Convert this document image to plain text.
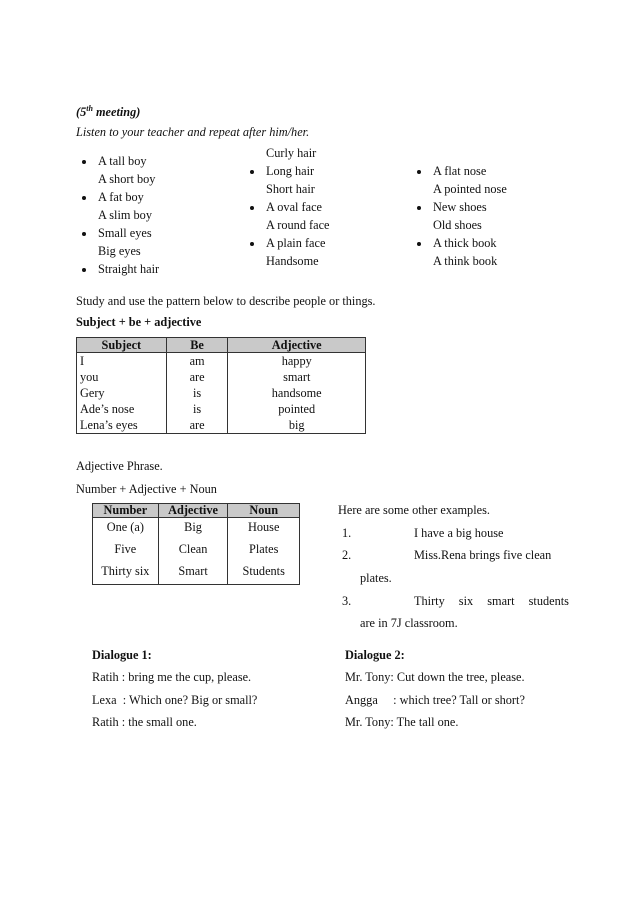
(5th meeting)
Listen to your teacher and repeat after him/her.
A tall boy
A short boy
A fat boy
A slim boy
Small eyes
Big eyes
Straight hair
Curly hair
Long hair
Short hair
A oval face
A round face
A plain face
Handsome
A flat nose
A pointed nose
New shoes
Old shoes
A thick book
A think book
Study and use the pattern below to describe people or things.
Subject + be + adjective
Subject	Be	Adjective
I	am	happy
you	are	smart
Gery	is	handsome
Ade’s nose	is	pointed
Lena’s eyes	are	big
Adjective Phrase.
Number + Adjective + Noun
Number	Adjective	Noun
One (a)	Big	House
Five	Clean	Plates
Thirty six	Smart	Students
Here are some other examples.
1.	I have a big house
2.	Miss.Rena brings five clean
plates.
3.	Thirty six smart students
are in 7J classroom.
Dialogue 1:
Ratih : bring me the cup, please.
Lexa  : Which one? Big or small?
Ratih : the small one.
Dialogue 2:
Mr. Tony: Cut down the tree, please.
Angga     : which tree? Tall or short?
Mr. Tony: The tall one.
